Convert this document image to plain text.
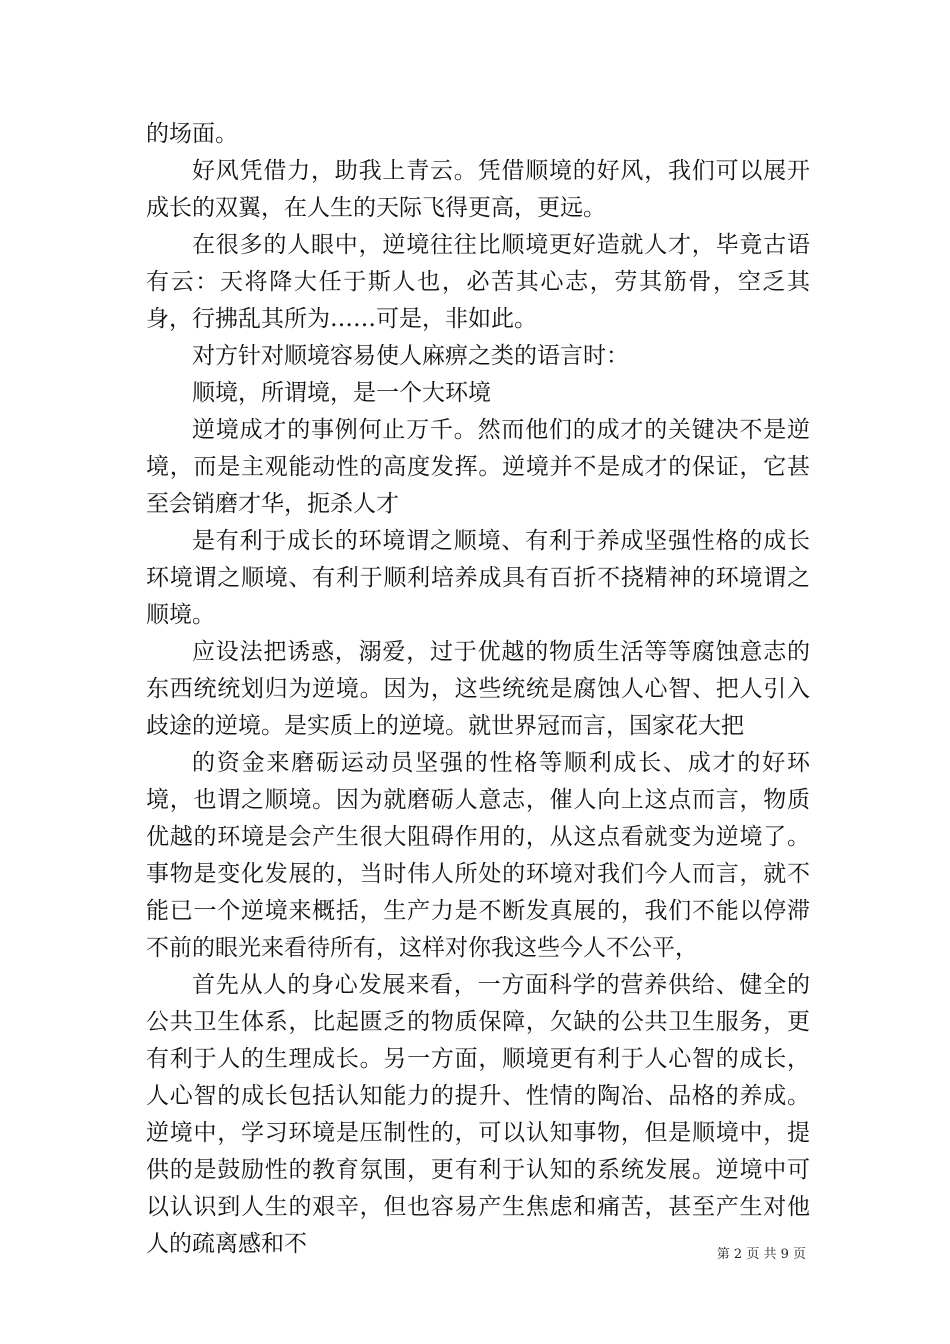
的场面。

好风凭借力，助我上青云。凭借顺境的好风，我们可以展开成长的双翼，在人生的天际飞得更高，更远。

在很多的人眼中，逆境往往比顺境更好造就人才，毕竟古语有云：天将降大任于斯人也，必苦其心志，劳其筋骨，空乏其身，行拂乱其所为……可是，非如此。

对方针对顺境容易使人麻痹之类的语言时：

顺境，所谓境，是一个大环境

逆境成才的事例何止万千。然而他们的成才的关键决不是逆境，而是主观能动性的高度发挥。逆境并不是成才的保证，它甚至会销磨才华，扼杀人才

是有利于成长的环境谓之顺境、有利于养成坚强性格的成长环境谓之顺境、有利于顺利培养成具有百折不挠精神的环境谓之顺境。

应设法把诱惑，溺爱，过于优越的物质生活等等腐蚀意志的东西统统划归为逆境。因为，这些统统是腐蚀人心智、把人引入歧途的逆境。是实质上的逆境。就世界冠而言，国家花大把

的资金来磨砺运动员坚强的性格等顺利成长、成才的好环境，也谓之顺境。因为就磨砺人意志，催人向上这点而言，物质优越的环境是会产生很大阻碍作用的，从这点看就变为逆境了。事物是变化发展的，当时伟人所处的环境对我们今人而言，就不能已一个逆境来概括，生产力是不断发真展的，我们不能以停滞不前的眼光来看待所有，这样对你我这些今人不公平，

首先从人的身心发展来看，一方面科学的营养供给、健全的公共卫生体系，比起匮乏的物质保障，欠缺的公共卫生服务，更有利于人的生理成长。另一方面，顺境更有利于人心智的成长，人心智的成长包括认知能力的提升、性情的陶冶、品格的养成。逆境中，学习环境是压制性的，可以认知事物，但是顺境中，提供的是鼓励性的教育氛围，更有利于认知的系统发展。逆境中可以认识到人生的艰辛，但也容易产生焦虑和痛苦，甚至产生对他人的疏离感和不	第 2 页 共 9 页
